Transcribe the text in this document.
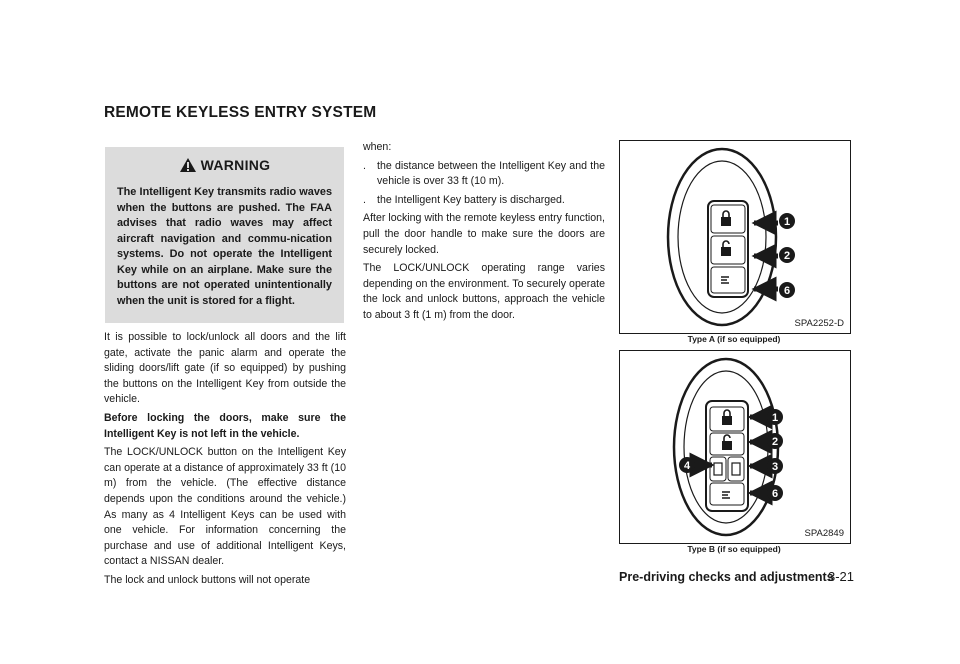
REMOTE KEYLESS ENTRY SYSTEM
WARNING

The Intelligent Key transmits radio waves when the buttons are pushed. The FAA advises that radio waves may affect aircraft navigation and commu-nication systems. Do not operate the Intelligent Key while on an airplane. Make sure the buttons are not operated unintentionally when the unit is stored for a flight.

It is possible to lock/unlock all doors and the lift gate, activate the panic alarm and operate the sliding doors/lift gate (if so equipped) by pushing the buttons on the Intelligent Key from outside the vehicle.

Before locking the doors, make sure the Intelligent Key is not left in the vehicle.

The LOCK/UNLOCK button on the Intelligent Key can operate at a distance of approximately 33 ft (10 m) from the vehicle. (The effective distance depends upon the conditions around the vehicle.) As many as 4 Intelligent Keys can be used with one vehicle. For information concerning the purchase and use of additional Intelligent Keys, contact a NISSAN dealer.

The lock and unlock buttons will not operate

when:

.	the distance between the Intelligent Key and the vehicle is over 33 ft (10 m).
.	the Intelligent Key battery is discharged.

After locking with the remote keyless entry function, pull the door handle to make sure the doors are securely locked.

The LOCK/UNLOCK operating range varies depending on the environment. To securely operate the lock and unlock buttons, approach the vehicle to about 3 ft (1 m) from the door.

1
2
6
SPA2252-D
Type A (if so equipped)
1
2
3
4
6
SPA2849
Type B (if so equipped)
Pre-driving checks and adjustments
3-21
